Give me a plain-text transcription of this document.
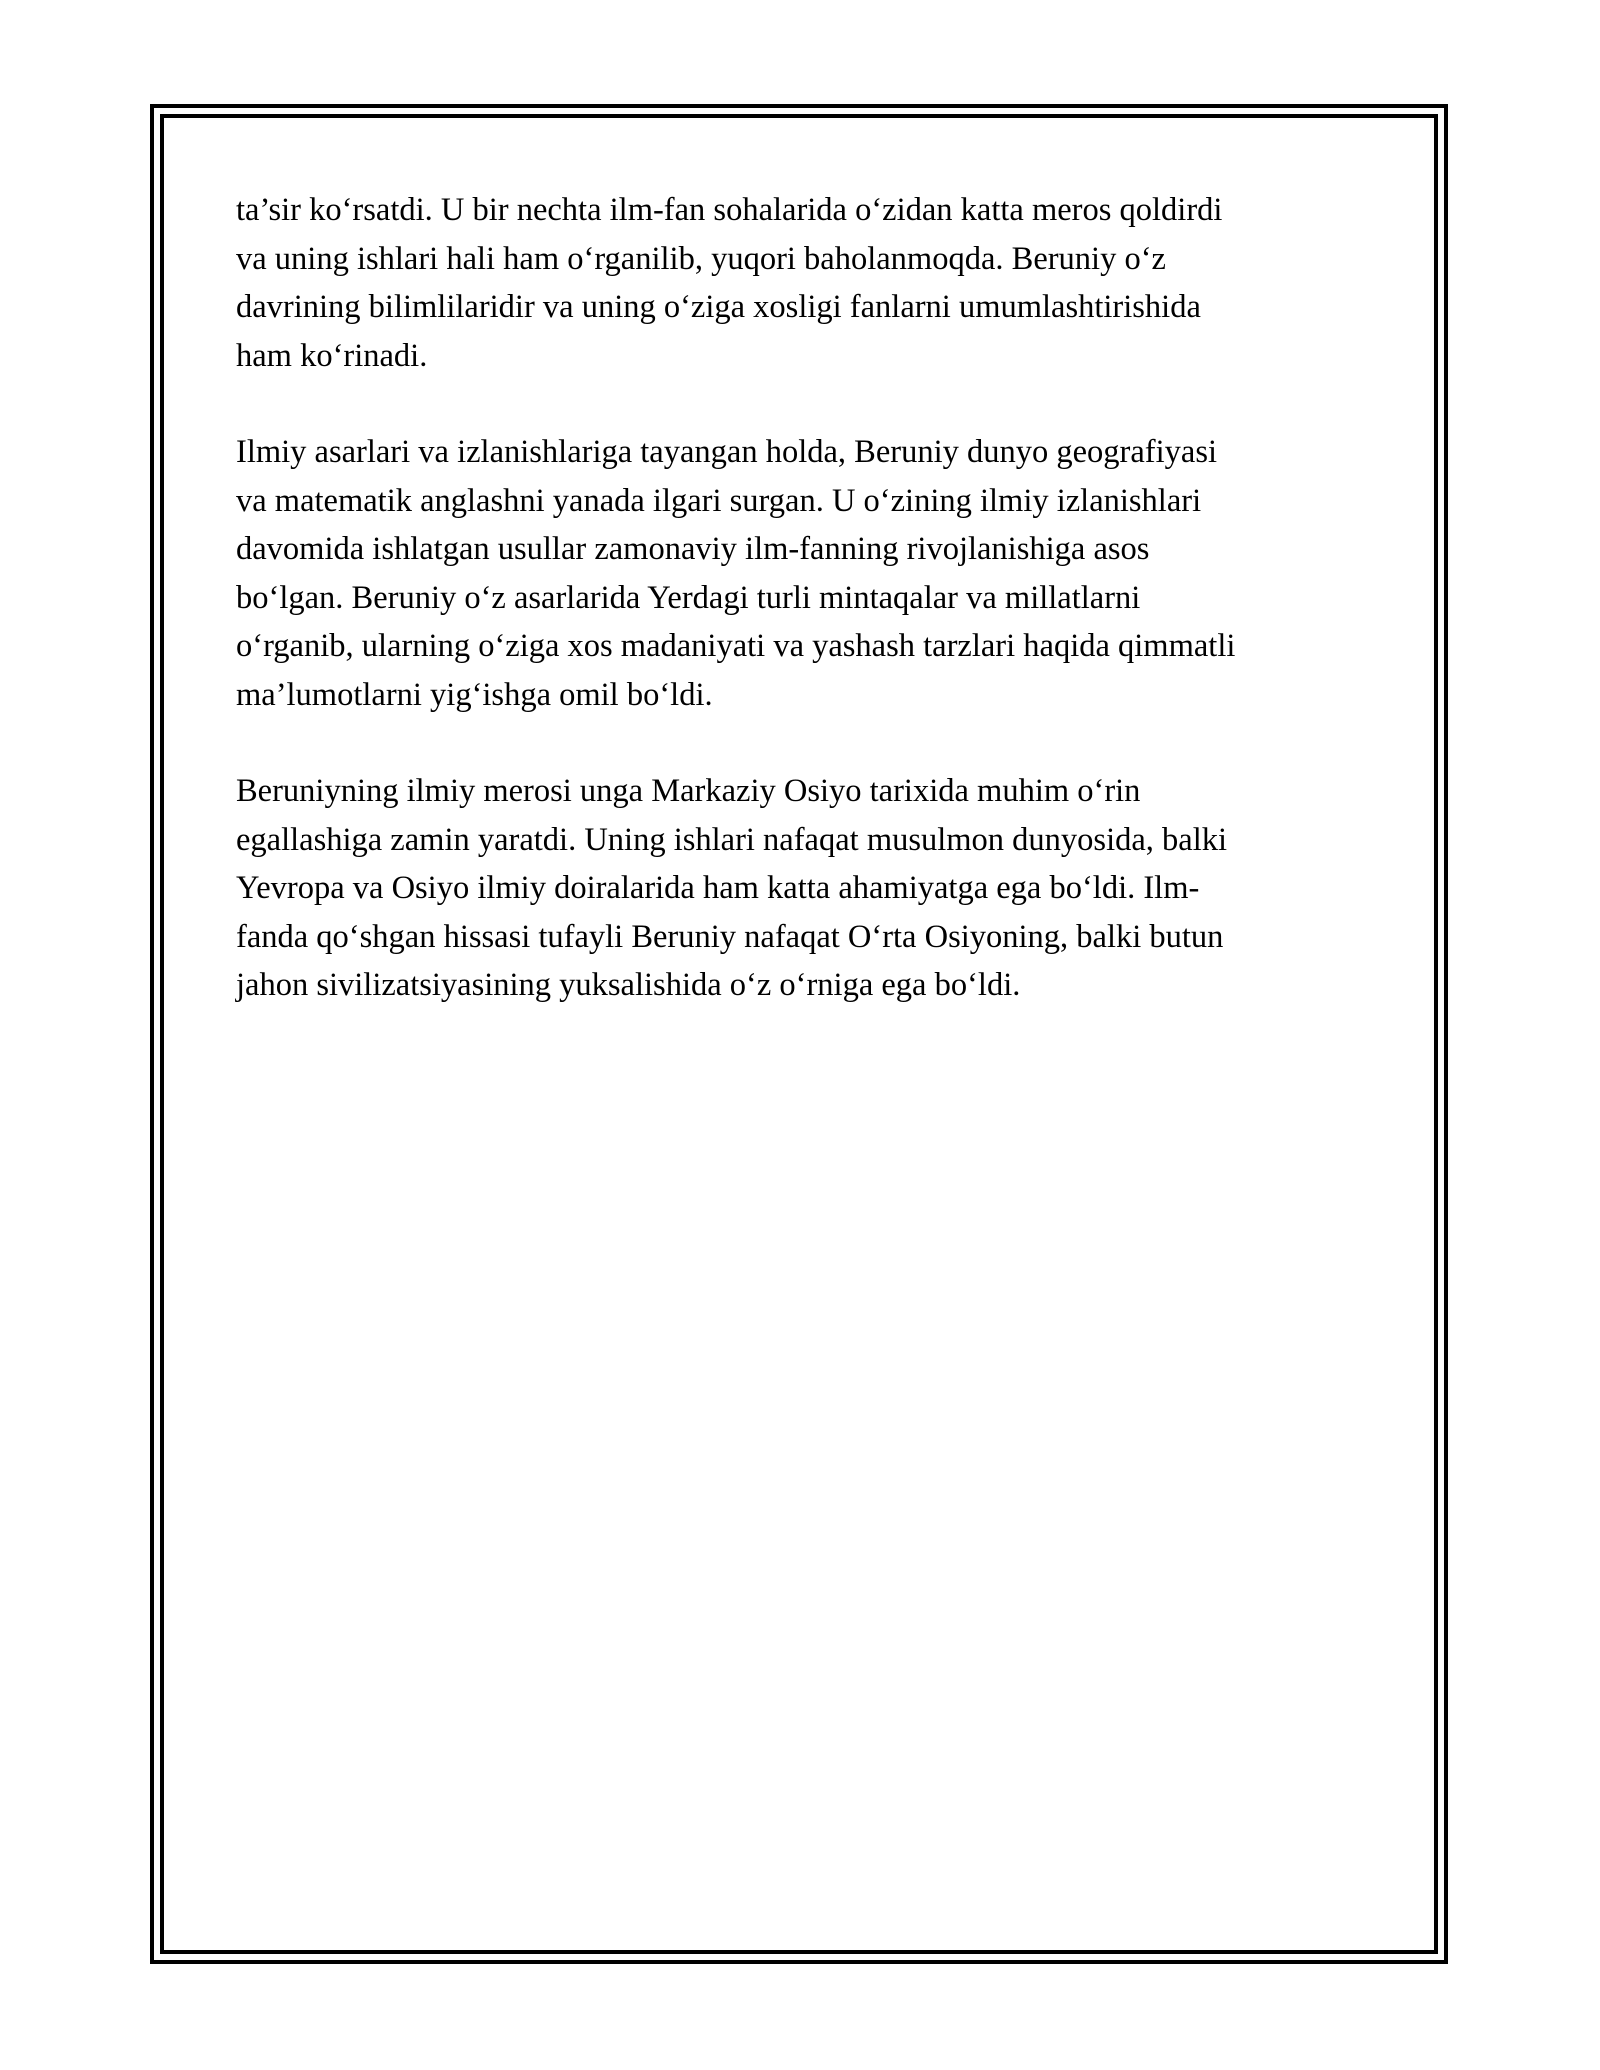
ta’sir ko‘rsatdi. U bir nechta ilm-fan sohalarida o‘zidan katta meros qoldirdi
va uning ishlari hali ham o‘rganilib, yuqori baholanmoqda. Beruniy o‘z
davrining bilimlilaridir va uning o‘ziga xosligi fanlarni umumlashtirishida
ham ko‘rinadi.

Ilmiy asarlari va izlanishlariga tayangan holda, Beruniy dunyo geografiyasi
va matematik anglashni yanada ilgari surgan. U o‘zining ilmiy izlanishlari
davomida ishlatgan usullar zamonaviy ilm-fanning rivojlanishiga asos
bo‘lgan. Beruniy o‘z asarlarida Yerdagi turli mintaqalar va millatlarni
o‘rganib, ularning o‘ziga xos madaniyati va yashash tarzlari haqida qimmatli
ma’lumotlarni yig‘ishga omil bo‘ldi.

Beruniyning ilmiy merosi unga Markaziy Osiyo tarixida muhim o‘rin
egallashiga zamin yaratdi. Uning ishlari nafaqat musulmon dunyosida, balki
Yevropa va Osiyo ilmiy doiralarida ham katta ahamiyatga ega bo‘ldi. Ilm-
fanda qo‘shgan hissasi tufayli Beruniy nafaqat O‘rta Osiyoning, balki butun
jahon sivilizatsiyasining yuksalishida o‘z o‘rniga ega bo‘ldi.
